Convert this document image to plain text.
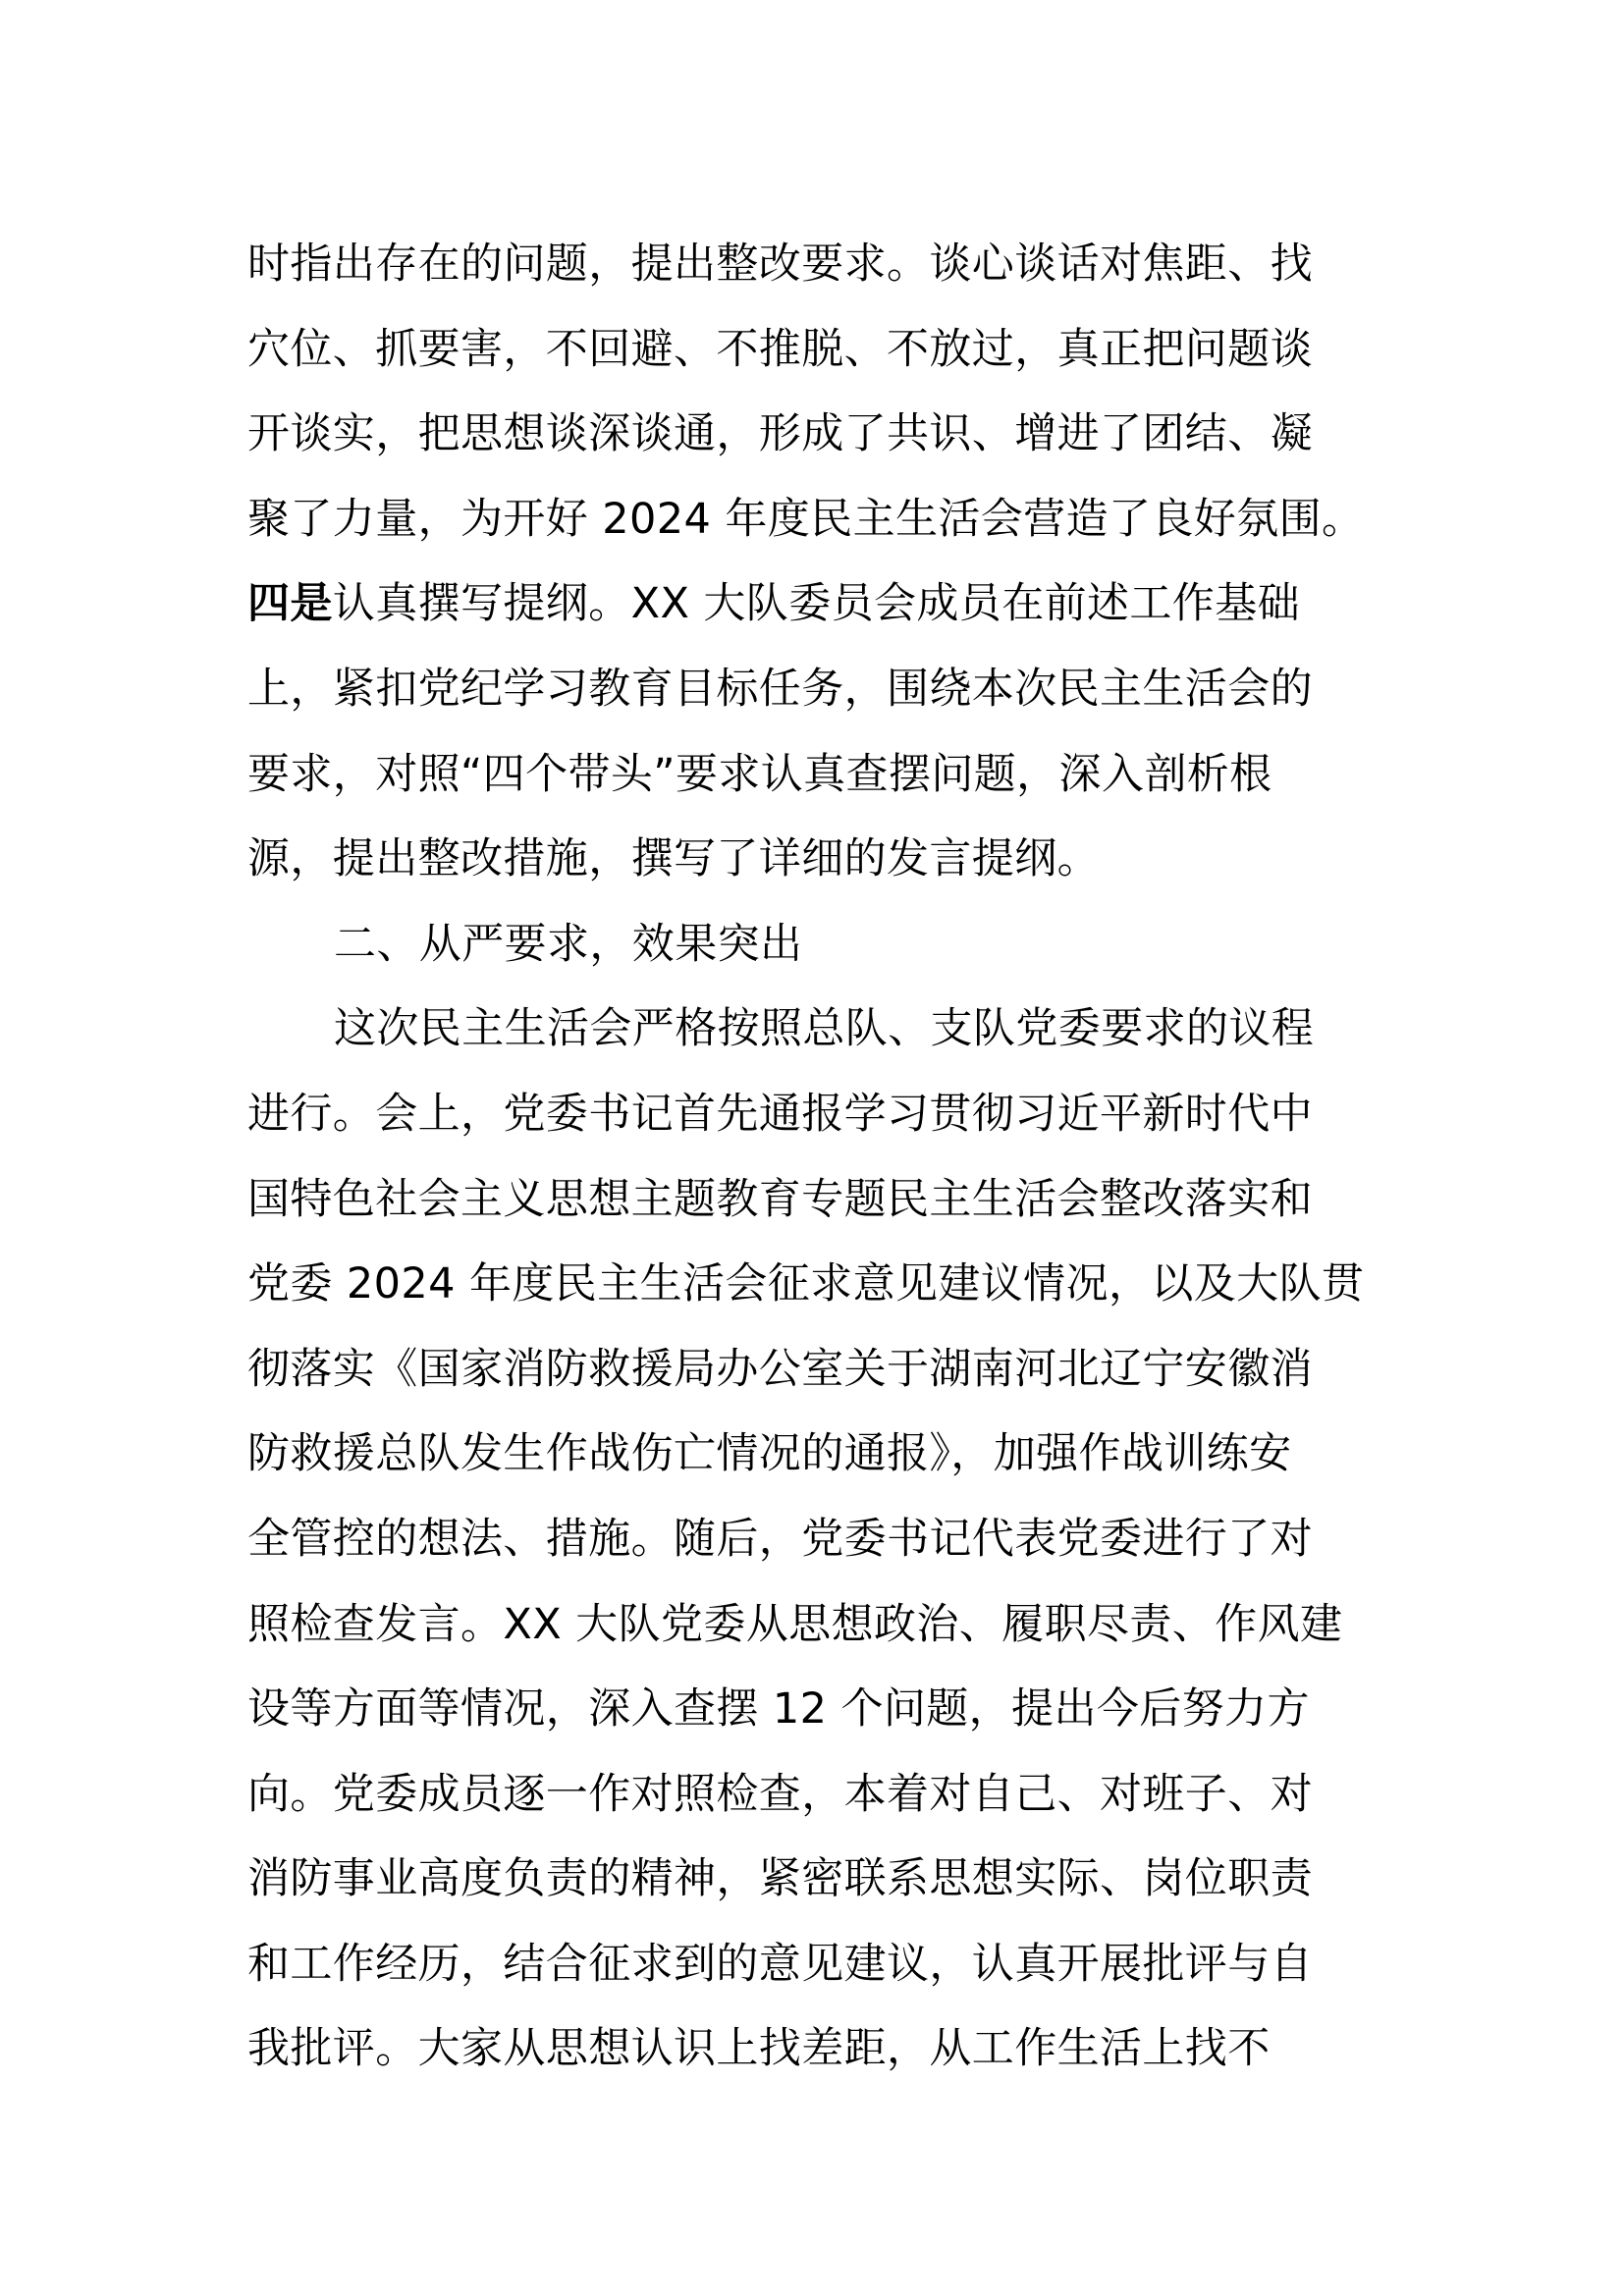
时指出存在的问题，提出整改要求。谈心谈话对焦距、找
穴位、抓要害，不回避、不推脱、不放过，真正把问题谈
开谈实，把思想谈深谈通，形成了共识、增进了团结、凝
聚了力量，为开好 2024 年度民主生活会营造了良好氛围。
四是认真撰写提纲。XX 大队委员会成员在前述工作基础
上，紧扣党纪学习教育目标任务，围绕本次民主生活会的
要求，对照“四个带头”要求认真查摆问题，深入剖析根
源，提出整改措施，撰写了详细的发言提纲。
二、从严要求，效果突出
这次民主生活会严格按照总队、支队党委要求的议程
进行。会上，党委书记首先通报学习贯彻习近平新时代中
国特色社会主义思想主题教育专题民主生活会整改落实和
党委 2024 年度民主生活会征求意见建议情况，以及大队贯
彻落实《国家消防救援局办公室关于湖南河北辽宁安徽消
防救援总队发生作战伤亡情况的通报》，加强作战训练安
全管控的想法、措施。随后，党委书记代表党委进行了对
照检查发言。XX 大队党委从思想政治、履职尽责、作风建
设等方面等情况，深入查摆 12 个问题，提出今后努力方
向。党委成员逐一作对照检查，本着对自己、对班子、对
消防事业高度负责的精神，紧密联系思想实际、岗位职责
和工作经历，结合征求到的意见建议，认真开展批评与自
我批评。大家从思想认识上找差距，从工作生活上找不
